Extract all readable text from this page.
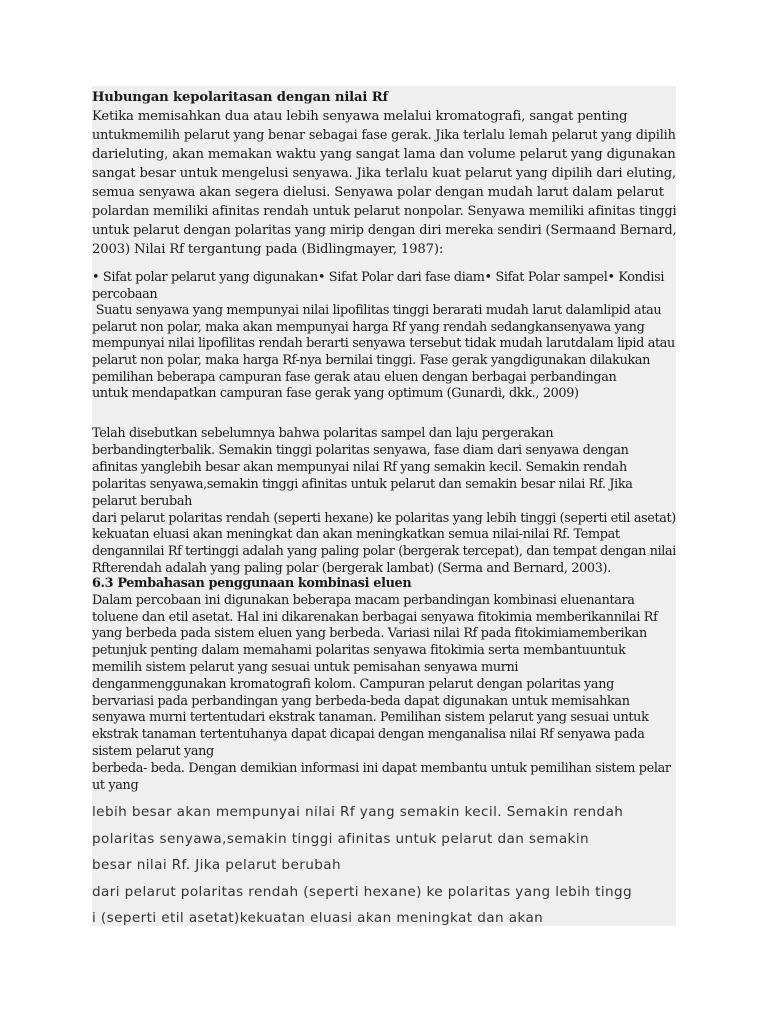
Hubungan kepolaritasan dengan nilai Rf
Ketika memisahkan dua atau lebih senyawa melalui kromatografi, sangat penting
untukmemilih pelarut yang benar sebagai fase gerak. Jika terlalu lemah pelarut yang dipilih
darieluting, akan memakan waktu yang sangat lama dan volume pelarut yang digunakan
sangat besar untuk mengelusi senyawa. Jika terlalu kuat pelarut yang dipilih dari eluting,
semua senyawa akan segera dielusi. Senyawa polar dengan mudah larut dalam pelarut
polardan memiliki afinitas rendah untuk pelarut nonpolar. Senyawa memiliki afinitas tinggi
untuk pelarut dengan polaritas yang mirip dengan diri mereka sendiri (Sermaand Bernard,
2003) Nilai Rf tergantung pada (Bidlingmayer, 1987):
• Sifat polar pelarut yang digunakan• Sifat Polar dari fase diam• Sifat Polar sampel• Kondisi
percobaan
Suatu senyawa yang mempunyai nilai lipofilitas tinggi berarati mudah larut dalamlipid atau
pelarut non polar, maka akan mempunyai harga Rf yang rendah sedangkansenyawa yang
mempunyai nilai lipofilitas rendah berarti senyawa tersebut tidak mudah larutdalam lipid atau
pelarut non polar, maka harga Rf-nya bernilai tinggi. Fase gerak yangdigunakan dilakukan
pemilihan beberapa campuran fase gerak atau eluen dengan berbagai perbandingan
untuk mendapatkan campuran fase gerak yang optimum (Gunardi, dkk., 2009)
Telah disebutkan sebelumnya bahwa polaritas sampel dan laju pergerakan
berbandingterbalik. Semakin tinggi polaritas senyawa, fase diam dari senyawa dengan
afinitas yanglebih besar akan mempunyai nilai Rf yang semakin kecil. Semakin rendah
polaritas senyawa,semakin tinggi afinitas untuk pelarut dan semakin besar nilai Rf. Jika
pelarut berubah
dari pelarut polaritas rendah (seperti hexane) ke polaritas yang lebih tinggi (seperti etil asetat)
kekuatan eluasi akan meningkat dan akan meningkatkan semua nilai-nilai Rf. Tempat
dengannilai Rf tertinggi adalah yang paling polar (bergerak tercepat), dan tempat dengan nilai
Rfterendah adalah yang paling polar (bergerak lambat) (Serma and Bernard, 2003).
6.3 Pembahasan penggunaan kombinasi eluen
Dalam percobaan ini digunakan beberapa macam perbandingan kombinasi eluenantara
toluene dan etil asetat. Hal ini dikarenakan berbagai senyawa fitokimia memberikannilai Rf
yang berbeda pada sistem eluen yang berbeda. Variasi nilai Rf pada fitokimiamemberikan
petunjuk penting dalam memahami polaritas senyawa fitokimia serta membantuuntuk
memilih sistem pelarut yang sesuai untuk pemisahan senyawa murni
denganmenggunakan kromatografi kolom. Campuran pelarut dengan polaritas yang
bervariasi pada perbandingan yang berbeda-beda dapat digunakan untuk memisahkan
senyawa murni tertentudari ekstrak tanaman. Pemilihan sistem pelarut yang sesuai untuk
ekstrak tanaman tertentuhanya dapat dicapai dengan menganalisa nilai Rf senyawa pada
sistem pelarut yang
berbeda- beda. Dengan demikian informasi ini dapat membantu untuk pemilihan sistem pelar
ut yang
lebih besar akan mempunyai nilai Rf yang semakin kecil. Semakin rendah
polaritas senyawa,semakin tinggi afinitas untuk pelarut dan semakin
besar nilai Rf. Jika pelarut berubah
dari pelarut polaritas rendah (seperti hexane) ke polaritas yang lebih tingg
i (seperti etil asetat)kekuatan eluasi akan meningkat dan akan
